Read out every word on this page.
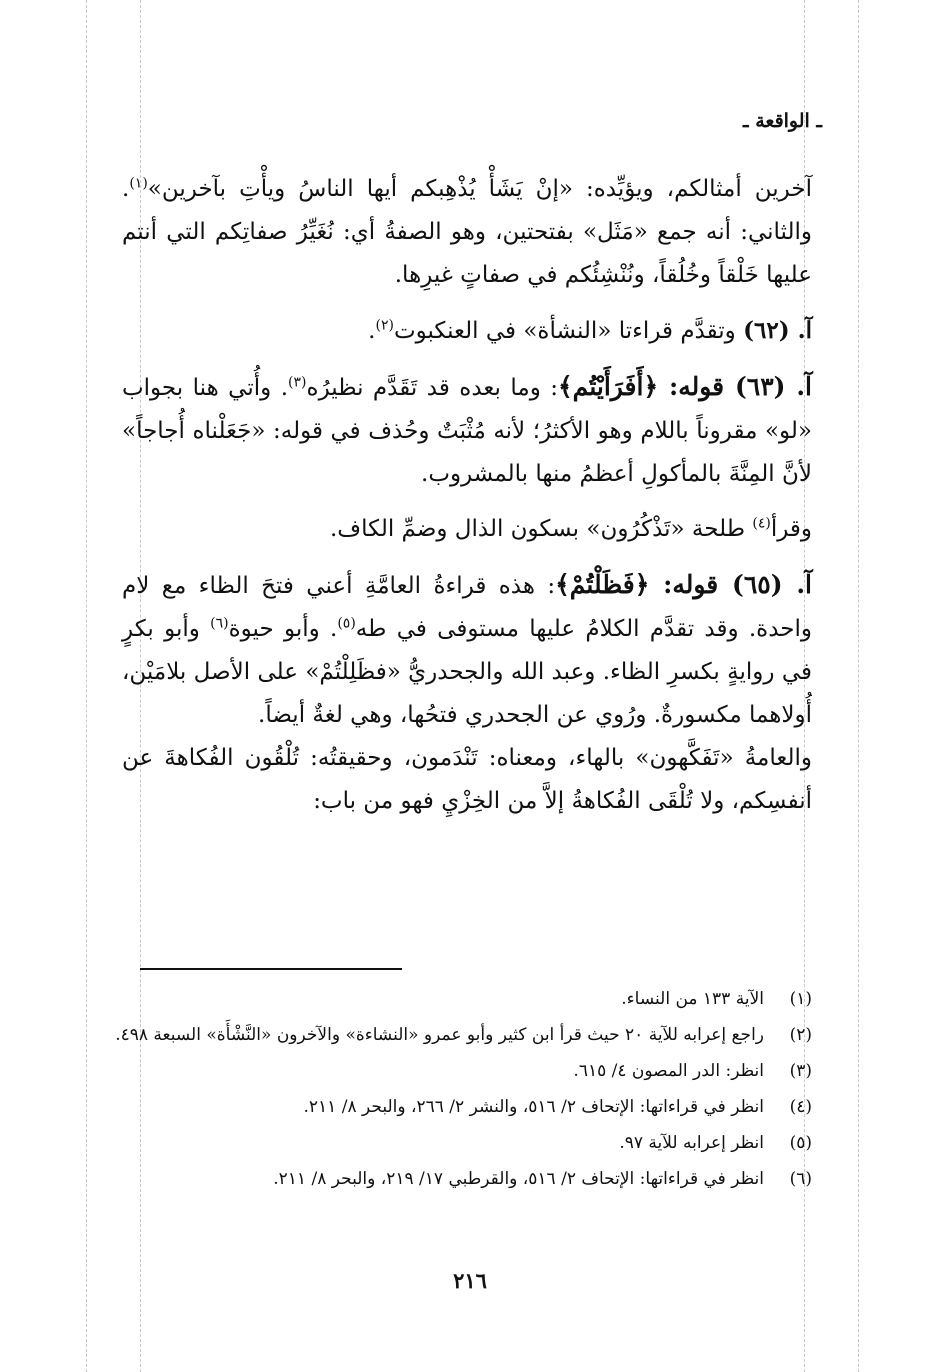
ـ الواقعة ـ

آخرين أمثالكم، ويؤيِّده: «إنْ يَشَأْ يُذْهِبكم أيها الناسُ ويأْتِ بآخرين»$^{(١)}$. والثاني: أنه جمع «مَثَل» بفتحتين، وهو الصفةُ أي: نُغَيِّرُ صفاتِكم التي أنتم عليها خَلْقاً وخُلُقاً، ونُنْشِئُكم في صفاتٍ غيرِها.

آ. (٦٢) وتقدَّم قراءتا «النشأة» في العنكبوت$^{(٢)}$.

آ. (٦٣) قوله: ﴿أَفَرَأَيْتُم﴾: وما بعده قد تَقَدَّم نظيرُه$^{(٣)}$. وأُتي هنا بجواب «لو» مقروناً باللام وهو الأكثرُ؛ لأنه مُثْبَتٌ وحُذف في قوله: «جَعَلْناه أُجاجاً» لأنَّ المِنَّةَ بالمأكولِ أعظمُ منها بالمشروب.

وقرأ$^{(٤)}$ طلحة «تَذْكُرُون» بسكون الذال وضمِّ الكاف.

آ. (٦٥) قوله: ﴿فَظَلْتُمْ﴾: هذه قراءةُ العامَّةِ أعني فتحَ الظاء مع لام واحدة. وقد تقدَّم الكلامُ عليها مستوفى في طه$^{(٥)}$. وأبو حيوة$^{(٦)}$ وأبو بكرٍ في روايةٍ بكسرِ الظاء. وعبد الله والجحدريُّ «فظَلِلْتُمْ» على الأصل بلامَيْن، أُولاهما مكسورةٌ. ورُوي عن الجحدري فتحُها، وهي لغةٌ أيضاً.

والعامةُ «تَفَكَّهون» بالهاء، ومعناه: تَنْدَمون، وحقيقتُه: تُلْقُون الفُكاهةَ عن أنفسِكم، ولا تُلْقَى الفُكاهةُ إلاَّ من الخِزْيِ فهو من باب:

(١)
الآية ١٣٣ من النساء.
(٢)
راجع إعرابه للآية ٢٠ حيث قرأ ابن كثير وأبو عمرو «النشاءة» والآخرون «النَّشْأَة» السبعة ٤٩٨.
(٣)
انظر: الدر المصون ٤/ ٦١٥.
(٤)
انظر في قراءاتها: الإتحاف ٢/ ٥١٦، والنشر ٢/ ٢٦٦، والبحر ٨/ ٢١١.
(٥)
انظر إعرابه للآية ٩٧.
(٦)
انظر في قراءاتها: الإتحاف ٢/ ٥١٦، والقرطبي ١٧/ ٢١٩، والبحر ٨/ ٢١١.
٢١٦
